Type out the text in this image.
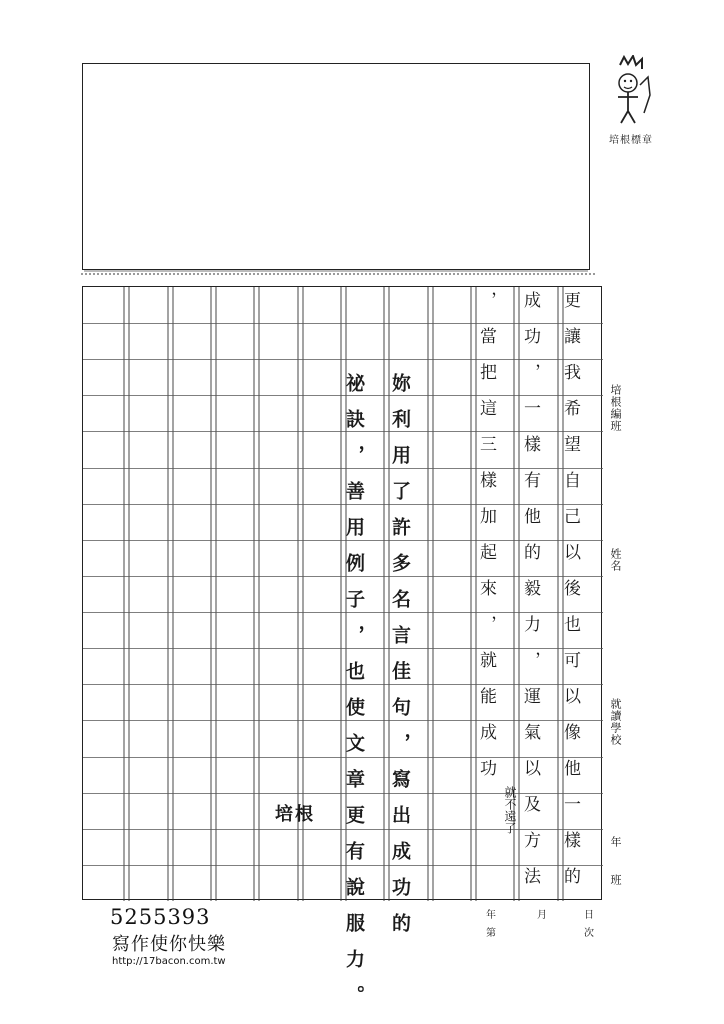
培根標章
培根編班
姓名
就讀學校
年
班
年	月	日
第	次
更讓我希望自己以後也可以像他一樣的
成功，一樣有他的毅力，運氣以及方法
，當把這三樣加起來，就能成功
就不遠了
妳利用了許多名言佳句，寫出成功的
祕訣，善用例子，也使文章更有說服力。
培根
5255393
寫作使你快樂
http://17bacon.com.tw
